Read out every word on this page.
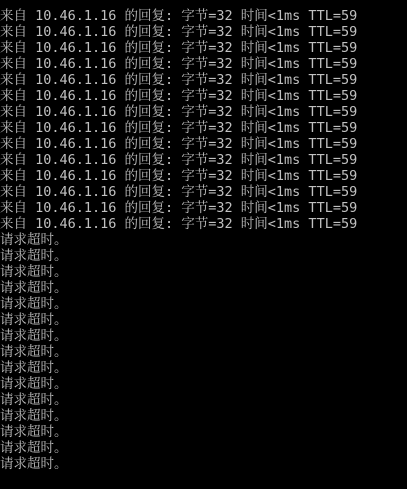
来自 10.46.1.16 的回复: 字节=32 时间<1ms TTL=59
来自 10.46.1.16 的回复: 字节=32 时间<1ms TTL=59
来自 10.46.1.16 的回复: 字节=32 时间<1ms TTL=59
来自 10.46.1.16 的回复: 字节=32 时间<1ms TTL=59
来自 10.46.1.16 的回复: 字节=32 时间<1ms TTL=59
来自 10.46.1.16 的回复: 字节=32 时间<1ms TTL=59
来自 10.46.1.16 的回复: 字节=32 时间<1ms TTL=59
来自 10.46.1.16 的回复: 字节=32 时间<1ms TTL=59
来自 10.46.1.16 的回复: 字节=32 时间<1ms TTL=59
来自 10.46.1.16 的回复: 字节=32 时间<1ms TTL=59
来自 10.46.1.16 的回复: 字节=32 时间<1ms TTL=59
来自 10.46.1.16 的回复: 字节=32 时间<1ms TTL=59
来自 10.46.1.16 的回复: 字节=32 时间<1ms TTL=59
来自 10.46.1.16 的回复: 字节=32 时间<1ms TTL=59
请求超时。
请求超时。
请求超时。
请求超时。
请求超时。
请求超时。
请求超时。
请求超时。
请求超时。
请求超时。
请求超时。
请求超时。
请求超时。
请求超时。
请求超时。
